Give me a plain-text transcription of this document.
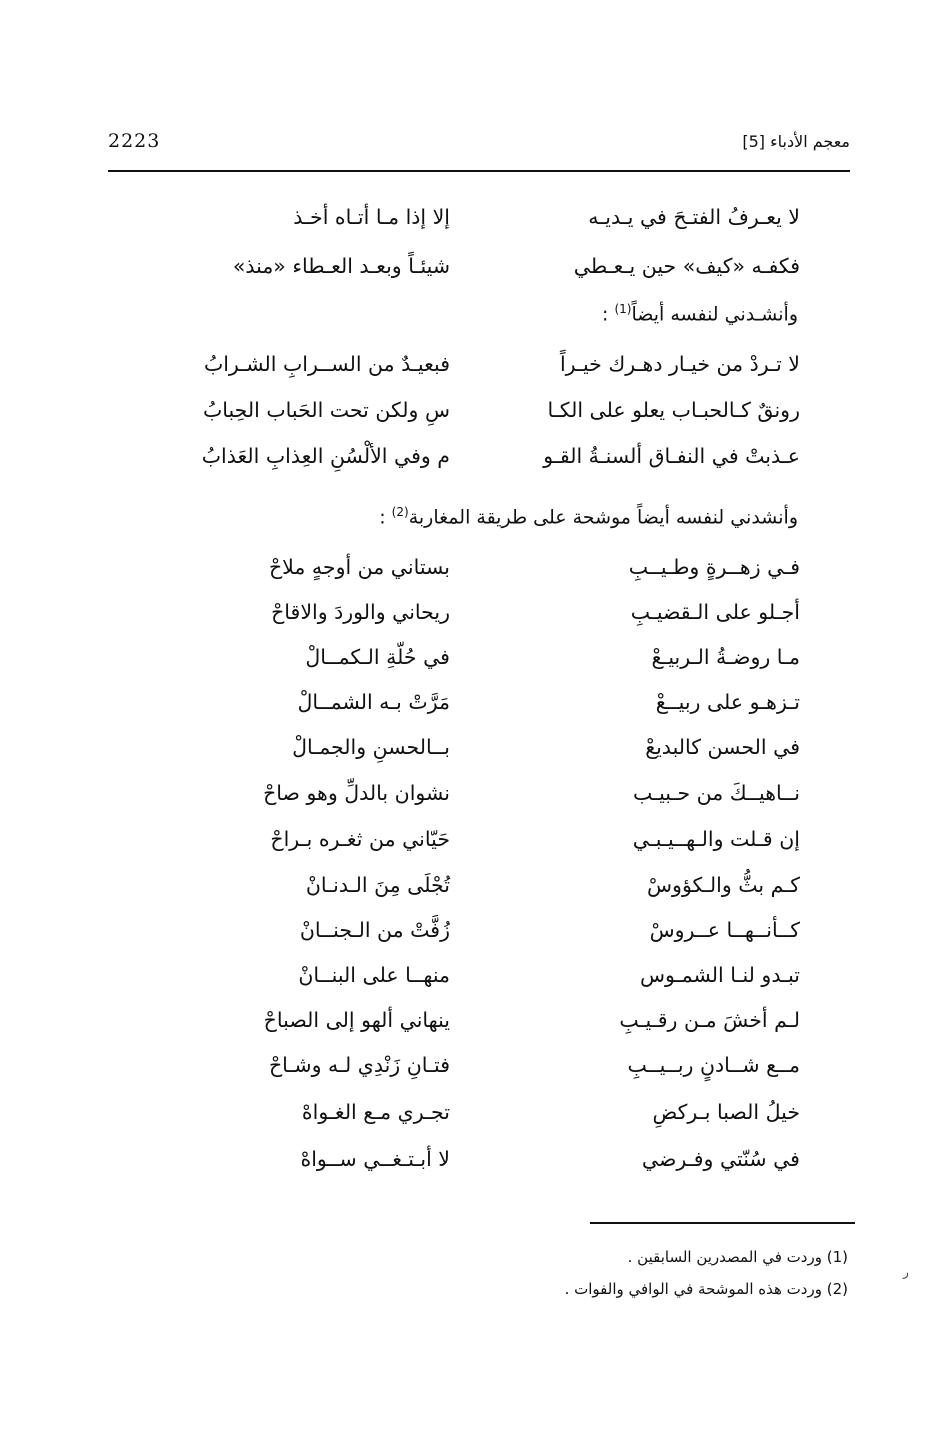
2223	معجم الأدباء [5]
لا يعـرفُ الفتـحَ في يـديـه
إلا إذا مـا أتـاه أخـذ
فكفـه «كيف» حين يـعـطي
شيئـاً وبعـد العـطاء «منذ»
وأنشـدني لنفسه أيضاً$^{(1)}$ :
لا تـردْ من خيـار دهـرك خيـراً
فبعيـدٌ من الســرابِ الشـرابُ
رونقٌ كـالحبـاب يعلو على الكـا
سِ ولكن تحت الحَباب الحِبابُ
عـذبتْ في النفـاق ألسنـةُ القـو
م وفي الألْسُنِ العِذابِ العَذابُ
وأنشدني لنفسه أيضاً موشحة على طريقة المغاربة$^{(2)}$ :
فـي زهــرةٍ وطـيــبِ
بستاني من أوجهٍ ملاحْ
أجـلو على الـقضيـبِ
ريحاني والوردَ والاقاحْ
مـا روضـةُ الـربيـعْ
في حُلّةِ الـكمــالْ
تـزهـو على ربيــعْ
مَرَّتْ بـه الشمــالْ
في الحسن كالبديعْ
بــالحسنِ والجمـالْ
نــاهيــكَ من حـبيـب
نشوان بالدلِّ وهو صاحْ
إن قـلت والـهــيـبـي
حَيّاني من ثغـره بـراحْ
كـم بثُّ والـكؤوسْ
تُجْلَى مِنَ الـدنـانْ
كــأنــهــا عــروسْ
زُفَّتْ من الـجنــانْ
تبـدو لنـا الشمـوس
منهــا على البنــانْ
لـم أخشَ مـن رقـيـبِ
ينهاني ألهو إلى الصباحْ
مــع شــادنٍ ربــيــبِ
فتـانِ زَنْدِي لـه وشـاحْ
خيلُ الصبا بـركضِ
تجـري مـع الغـواهْ
في سُنّتي وفـرضي
لا أبـتـغــي ســواهْ
(1) وردت في المصدرين السابقين .
(2) وردت هذه الموشحة في الوافي والفوات .
ر
